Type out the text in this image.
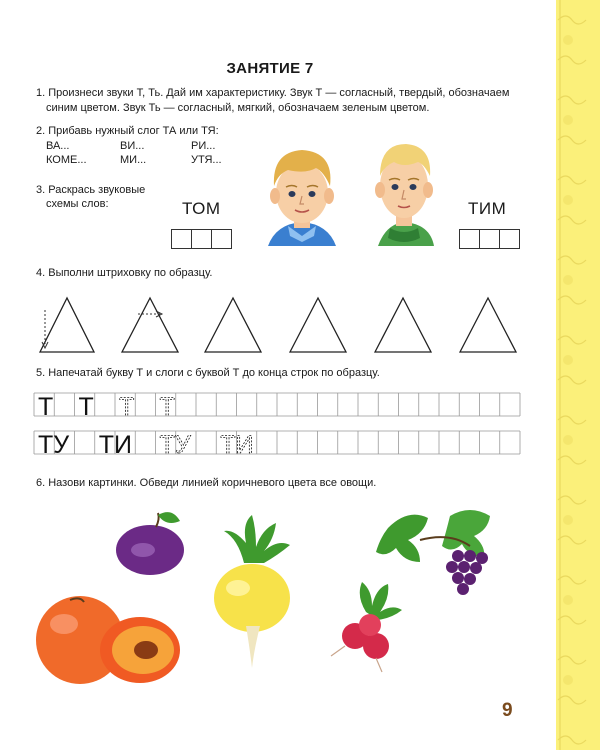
ЗАНЯТИЕ 7
1. Произнеси звуки Т, Ть. Дай им характеристику. Звук Т — согласный, твердый, обозначаем
синим цветом. Звук Ть — согласный, мягкий, обозначаем зеленым цветом.
2. Прибавь нужный слог ТА или ТЯ:
ВА...	ВИ...	РИ...
КОМЕ...	МИ...	УТЯ...
3. Раскрась звуковые
схемы слов:	ТОМ	ТИМ
4. Выполни штриховку по образцу.
5. Напечатай букву Т и слоги с буквой Т до конца строк по образцу.
Т Т Т Т
ТУ ТИ ТУ ТИ
6. Назови картинки. Обведи линией коричневого цвета все овощи.
9
